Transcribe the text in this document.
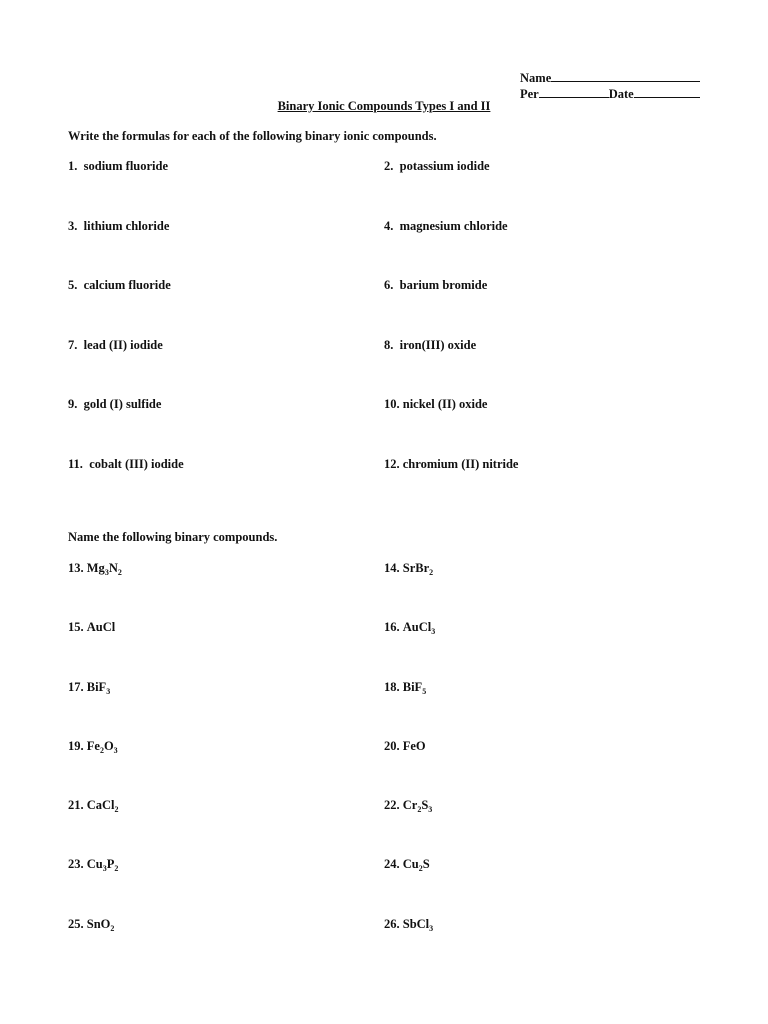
Name
Per	Date
Binary Ionic Compounds Types I and II
Write the formulas for each of the following binary ionic compounds.
1. sodium fluoride	2. potassium iodide
3. lithium chloride	4. magnesium chloride
5. calcium fluoride	6. barium bromide
7. lead (II) iodide	8. iron(III) oxide
9. gold (I) sulfide	10. nickel (II) oxide
11. cobalt (III) iodide	12. chromium (II) nitride
Name the following binary compounds.
13. $Mg_3N_2$	14. SrBr$_2$
15. AuCl	16. AuCl$_3$
17. BiF$_3$	18. BiF$_5$
19. $Fe_2O_3$	20. FeO
21. CaCl$_2$	22. $Cr_2S_3$
23. $Cu_3P_2$	24. $Cu_2S$
25. SnO$_2$	26. SbCl$_3$
